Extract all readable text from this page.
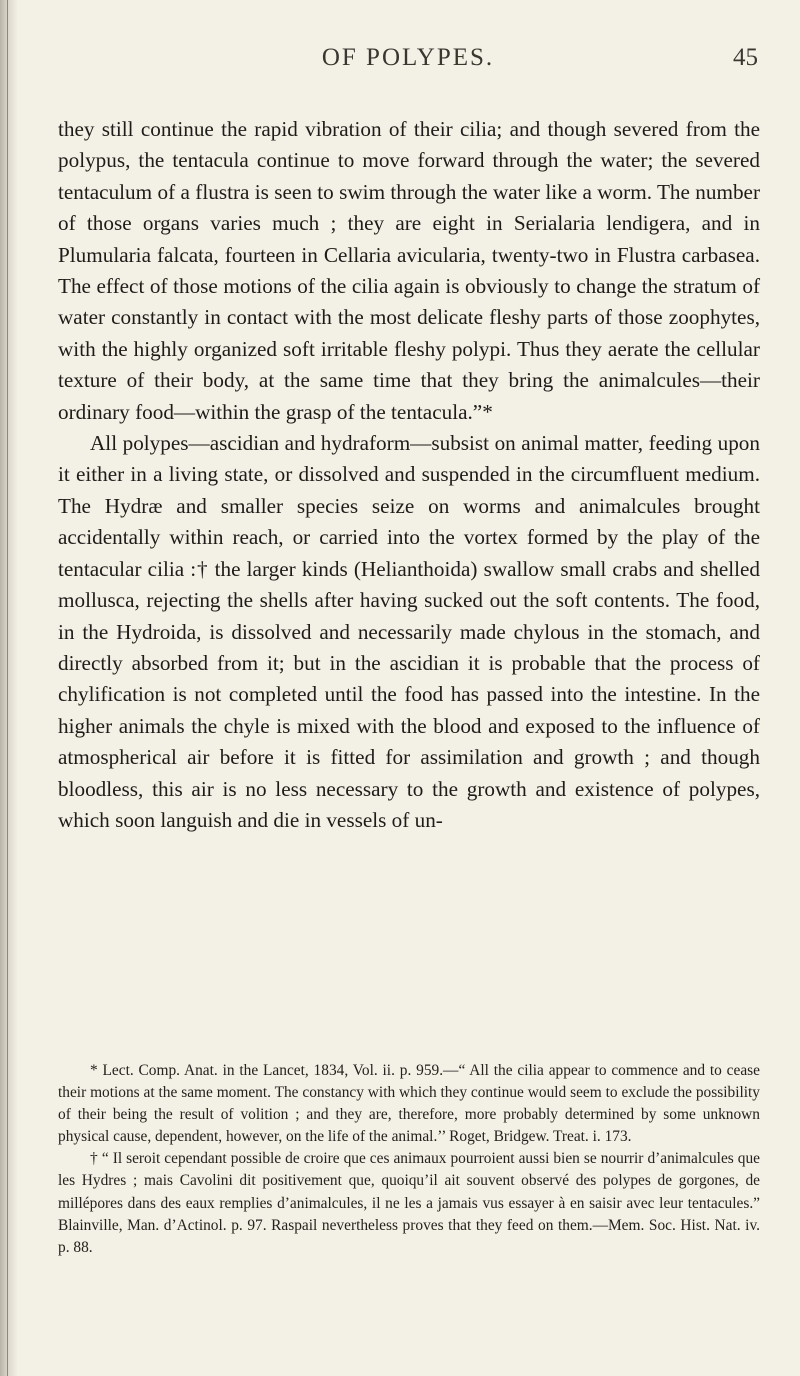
OF POLYPES.	45

they still continue the rapid vibration of their cilia; and though severed from the polypus, the tentacula continue to move forward through the water; the severed tentaculum of a flustra is seen to swim through the water like a worm. The number of those organs varies much ; they are eight in Serialaria lendigera, and in Plumularia falcata, fourteen in Cellaria avicularia, twenty-two in Flustra carbasea. The effect of those motions of the cilia again is obviously to change the stratum of water constantly in contact with the most delicate fleshy parts of those zoophytes, with the highly organized soft irritable fleshy polypi. Thus they aerate the cellular texture of their body, at the same time that they bring the animalcules—their ordinary food—within the grasp of the tentacula.”*

All polypes—ascidian and hydraform—subsist on animal matter, feeding upon it either in a living state, or dissolved and suspended in the circumfluent medium. The Hydræ and smaller species seize on worms and animalcules brought accidentally within reach, or carried into the vortex formed by the play of the tentacular cilia :† the larger kinds (Helianthoida) swallow small crabs and shelled mollusca, rejecting the shells after having sucked out the soft contents. The food, in the Hydroida, is dissolved and necessarily made chylous in the stomach, and directly absorbed from it; but in the ascidian it is probable that the process of chylification is not completed until the food has passed into the intestine. In the higher animals the chyle is mixed with the blood and exposed to the influence of atmospherical air before it is fitted for assimilation and growth ; and though bloodless, this air is no less necessary to the growth and existence of polypes, which soon languish and die in vessels of un-

* Lect. Comp. Anat. in the Lancet, 1834, Vol. ii. p. 959.—“ All the cilia appear to commence and to cease their motions at the same moment. The constancy with which they continue would seem to exclude the possibility of their being the result of volition ; and they are, therefore, more probably determined by some unknown physical cause, dependent, however, on the life of the animal.’’ Roget, Bridgew. Treat. i. 173.

† “ Il seroit cependant possible de croire que ces animaux pourroient aussi bien se nourrir d’animalcules que les Hydres ; mais Cavolini dit positivement que, quoiqu’il ait souvent observé des polypes de gorgones, de millépores dans des eaux remplies d’animalcules, il ne les a jamais vus essayer à en saisir avec leur tentacules.” Blainville, Man. d’Actinol. p. 97. Raspail nevertheless proves that they feed on them.—Mem. Soc. Hist. Nat. iv. p. 88.
